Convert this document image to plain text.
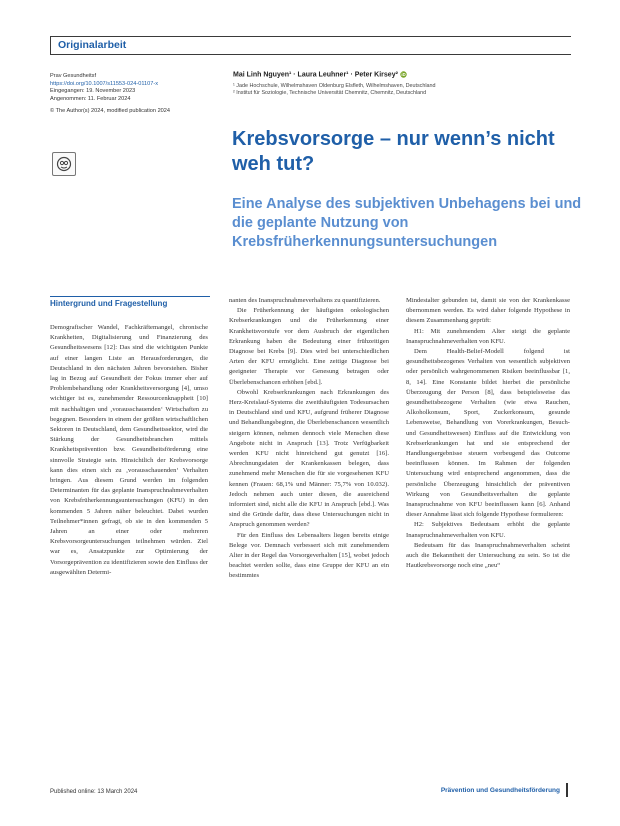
Originalarbeit
Prav Gesundheitsf
https://doi.org/10.1007/s11553-024-01107-x
Eingegangen: 19. November 2023
Angenommen: 11. Februar 2024
© The Author(s) 2024, modified publication 2024
Mai Linh Nguyen¹ · Laura Leuhner¹ · Peter Kirsey² iD
¹ Jade Hochschule, Wilhelmshaven Oldenburg Elsfleth, Wilhelmshaven, Deutschland
² Institut für Soziologie, Technische Universität Chemnitz, Chemnitz, Deutschland
Krebsvorsorge – nur wenn’s nicht weh tut?
Eine Analyse des subjektiven Unbehagens bei und die geplante Nutzung von Krebsfrüherkennungsuntersuchungen
Hintergrund und Fragestellung

Demografischer Wandel, Fachkräftemangel, chronische Krankheiten, Digitalisierung und Finanzierung des Gesundheitswesens [12]: Das sind die wichtigsten Punkte auf einer langen Liste an Herausforderungen, die Deutschland in den nächsten Jahren bevorstehen. Bisher lag in Bezug auf Gesundheit der Fokus immer eher auf Problembehandlung oder Krankheitsversorgung [4], umso wichtiger ist es, zunehmender Ressourcenknappheit [10] mit nachhaltigen und ‚vorausschauenden‘ Wirtschaften zu begegnen. Besonders in einem der größten wirtschaftlichen Sektoren in Deutschland, dem Gesundheitssektor, wird die Stärkung der Gesundheitsbranchen mittels Krankheitsprävention bzw. Gesundheitsförderung eine sinnvolle Strategie sein. Hinsichtlich der Krebsvorsorge kann dies einen sich zu ‚vorausschauenden‘ Verhalten bringen. Aus diesem Grund werden im folgenden Determinanten für das geplante Inanspruchnahmeverhalten von Krebsfrüherkennungsuntersuchungen (KFU) in den kommenden 5 Jahren näher beleuchtet. Dabei wurden Teilnehmer*innen gefragt, ob sie in den kommenden 5 Jahren an einer oder mehreren Krebsvorsorgeuntersuchungen teilnehmen würden. Ziel war es, Ansatzpunkte zur Optimierung der Vorsorgeprävention zu identifizieren sowie den Einfluss der ausgewählten Determi-

nanten des Inanspruchnahmeverhaltens zu quantifizieren.

Die Früherkennung der häufigsten onkologischen Krebserkrankungen und die Früherkennung einer Krankheitsvorstufe vor dem Ausbruch der eigentlichen Erkrankung haben die Bedeutung einer frühzeitigen Diagnose bei Krebs [9]. Dies wird bei unterschiedlichen Arten der KFU ermöglicht. Eine zeitige Diagnose bei geeigneter Therapie vor Genesung betragen oder Überlebenschancen erhöhen [ebd.].

Obwohl Krebserkrankungen nach Erkrankungen des Herz-Kreislauf-Systems die zweithäufigsten Todesursachen in Deutschland sind und KFU, aufgrund früherer Diagnose und Behandlungsbeginn, die Überlebenschancen wesentlich steigern können, nehmen dennoch viele Menschen diese Angebote nicht in Anspruch [13]. Trotz Verfügbarkeit werden KFU nicht hinreichend gut genutzt [16]. Abrechnungsdaten der Krankenkassen belegen, dass zunehmend mehr Menschen die für sie vorgesehenen KFU kennen (Frauen: 68,1% und Männer: 75,7% von 10.032). Jedoch nehmen auch unter diesen, die ausreichend informiert sind, nicht alle die KFU in Anspruch [ebd.]. Was sind die Gründe dafür, dass diese Untersuchungen nicht in Anspruch genommen werden?

Für den Einfluss des Lebensalters liegen bereits einige Belege vor. Demnach verbessert sich mit zunehmendem Alter in der Regel das Vorsorgeverhalten [15], wobei jedoch beachtet werden sollte, dass eine Gruppe der KFU an ein bestimmtes

Mindestalter gebunden ist, damit sie von der Krankenkasse übernommen werden. Es wird daher folgende Hypothese in diesem Zusammenhang geprüft:

H1: Mit zunehmendem Alter steigt die geplante Inanspruchnahmeverhalten von KFU.

Dem Health-Belief-Modell folgend ist gesundheitsbezogenes Verhalten von wesentlich subjektiven oder persönlich wahrgenommenen Risiken beeinflussbar [1, 8, 14]. Eine Konstante bildet hierbei die persönliche Überzeugung der Person [8], dass beispielsweise das gesundheitsbezogene Verhalten (wie etwa Rauchen, Alkoholkonsum, Sport, Zuckerkonsum, gesunde Lebensweise, Behandlung von Vorerkrankungen, Besuch- und Gesundheitswesen) Einfluss auf die Entwicklung von Krebserkrankungen hat und sie entsprechend der Handlungsergebnisse steuern vorbeugend das Outcome beeinflussen können. Im Rahmen der folgenden Untersuchung wird entsprechend angenommen, dass die persönliche Überzeugung hinsichtlich der präventiven Wirkung von Gesundheitsverhalten die geplante Inanspruchnahme von KFU beeinflussen kann [6]. Anhand dieser Annahme lässt sich folgende Hypothese formulieren:

H2: Subjektives Bedeutsam erhöht die geplante Inanspruchnahmeverhalten von KFU.

Bedeutsam für das Inanspruchnahmeverhalten scheint auch die Bekanntheit der Untersuchung zu sein. So ist die Hautkrebsvorsorge noch eine „neu“

Published online: 13 March 2024	Prävention und Gesundheitsförderung
